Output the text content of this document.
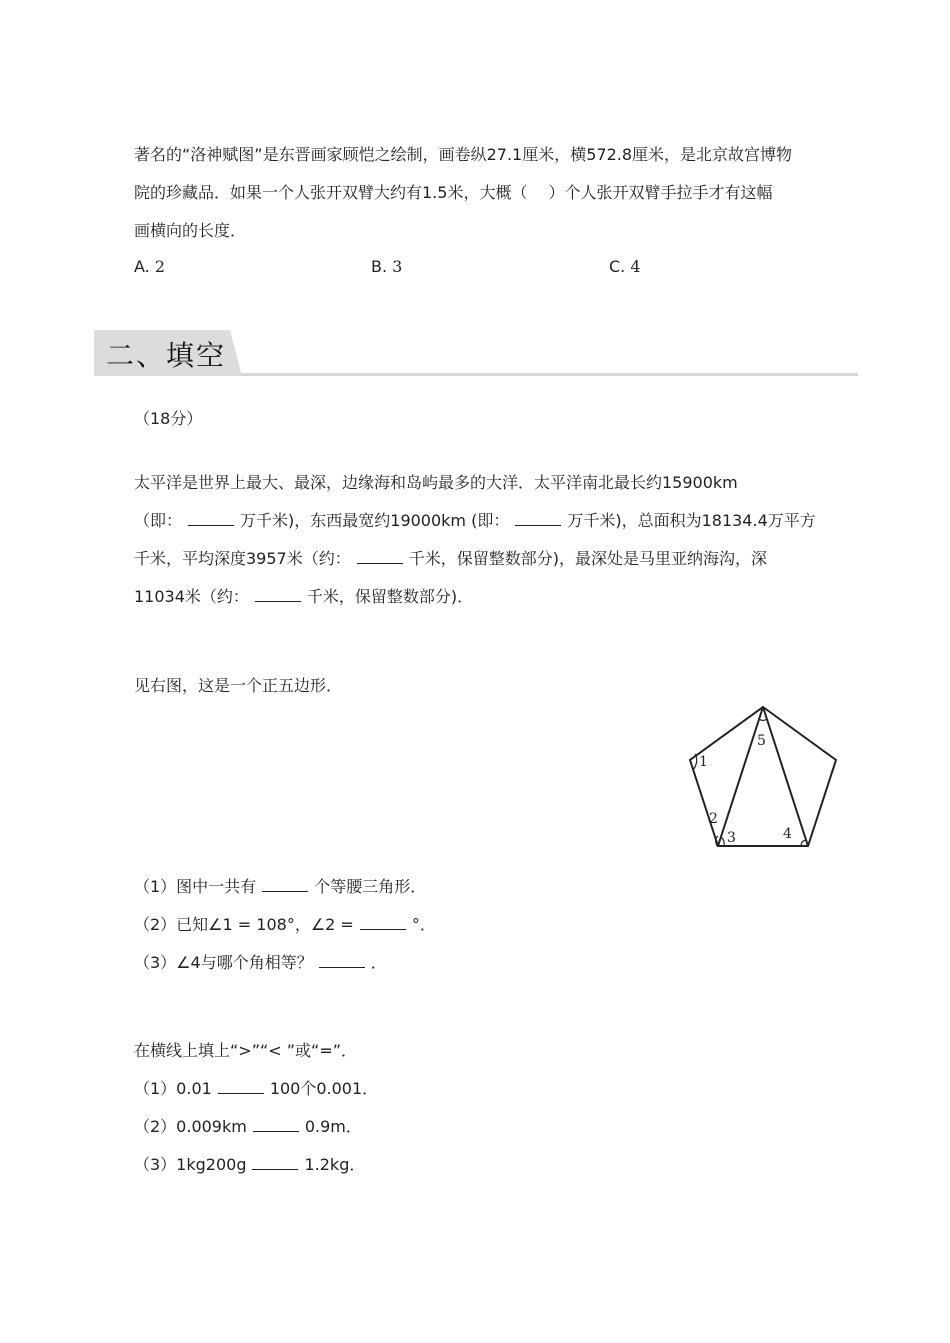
著名的“洛神赋图”是东晋画家顾恺之绘制，画卷纵27.1厘米，横572.8厘米，是北京故宫博物
院的珍藏品．如果一个人张开双臂大约有1.5米，大概（　 ）个人张开双臂手拉手才有这幅
画横向的长度．
A. 2	B. 3	C. 4
二、填空
（18分）
太平洋是世界上最大、最深，边缘海和岛屿最多的大洋．太平洋南北最长约15900km
（即：	万千米)，东西最宽约19000km (即：	万千米)，总面积为18134.4万平方
千米，平均深度3957米（约：	千米，保留整数部分)，最深处是马里亚纳海沟，深
11034米（约：	千米，保留整数部分)．
见右图，这是一个正五边形．
5
1
2
3	4
（1）图中一共有	个等腰三角形．
（2）已知∠1 = 108°，∠2 =	°．
（3）∠4与哪个角相等？	．
在横线上填上“>”“< ”或“=”．
（1）0.01	100个0.001．
（2）0.009km	0.9m．
（3）1kg200g	1.2kg．
